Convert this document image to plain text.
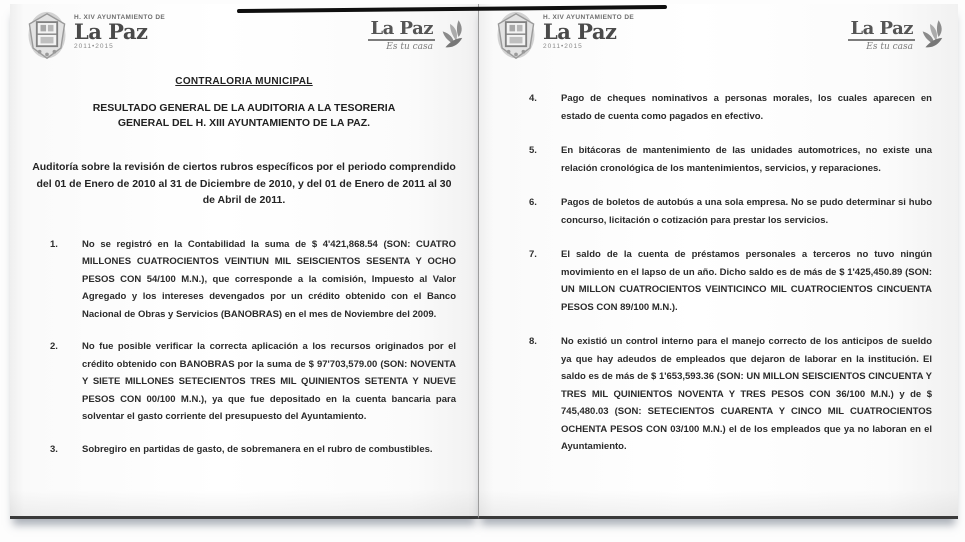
H. XIV AYUNTAMIENTO DE
La Paz
2011•2015
La Paz
Es tu casa
CONTRALORIA MUNICIPAL
RESULTADO GENERAL DE LA AUDITORIA A LA TESORERIA GENERAL DEL H. XIII AYUNTAMIENTO DE LA PAZ.
Auditoría sobre la revisión de ciertos rubros específicos por el periodo comprendido del 01 de Enero de 2010 al 31 de Diciembre de 2010, y del 01 de Enero de 2011 al 30 de Abril de 2011.
1.	No se registró en la Contabilidad la suma de $ 4'421,868.54 (SON: CUATRO MILLONES CUATROCIENTOS VEINTIUN MIL SEISCIENTOS SESENTA Y OCHO PESOS CON 54/100 M.N.), que corresponde a la comisión, Impuesto al Valor Agregado y los intereses devengados por un crédito obtenido con el Banco Nacional de Obras y Servicios (BANOBRAS) en el mes de Noviembre del 2009.
2.	No fue posible verificar la correcta aplicación a los recursos originados por el crédito obtenido con BANOBRAS por la suma de $ 97'703,579.00 (SON: NOVENTA Y SIETE MILLONES SETECIENTOS TRES MIL QUINIENTOS SETENTA Y NUEVE PESOS CON 00/100 M.N.), ya que fue depositado en la cuenta bancaria para solventar el gasto corriente del presupuesto del Ayuntamiento.
3.	Sobregiro en partidas de gasto, de sobremanera en el rubro de combustibles.
H. XIV AYUNTAMIENTO DE
La Paz
2011•2015
La Paz
Es tu casa
4.	Pago de cheques nominativos a personas morales, los cuales aparecen en estado de cuenta como pagados en efectivo.
5.	En bitácoras de mantenimiento de las unidades automotrices, no existe una relación cronológica de los mantenimientos, servicios, y reparaciones.
6.	Pagos de boletos de autobús a una sola empresa. No se pudo determinar si hubo concurso, licitación o cotización para prestar los servicios.
7.	El saldo de la cuenta de préstamos personales a terceros no tuvo ningún movimiento en el lapso de un año. Dicho saldo es de más de $ 1'425,450.89 (SON: UN MILLON CUATROCIENTOS VEINTICINCO MIL CUATROCIENTOS CINCUENTA PESOS CON 89/100 M.N.).
8.	No existió un control interno para el manejo correcto de los anticipos de sueldo ya que hay adeudos de empleados que dejaron de laborar en la institución. El saldo es de más de $ 1'653,593.36 (SON: UN MILLON SEISCIENTOS CINCUENTA Y TRES MIL QUINIENTOS NOVENTA Y TRES PESOS CON 36/100 M.N.) y de $ 745,480.03 (SON: SETECIENTOS CUARENTA Y CINCO MIL CUATROCIENTOS OCHENTA PESOS CON 03/100 M.N.) el de los empleados que ya no laboran en el Ayuntamiento.
